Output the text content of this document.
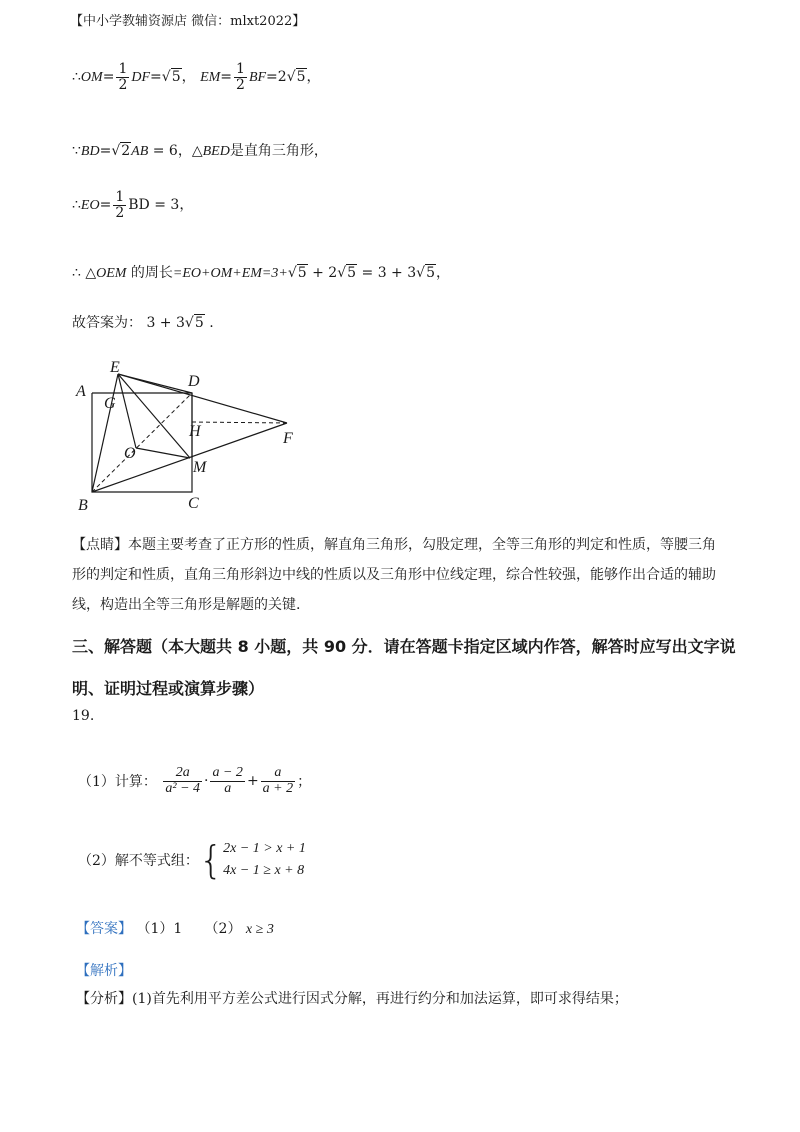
【中小学教辅资源店 微信：mlxt2022】
∴OM= $\frac{1}{2} DF=√5$， $EM= \frac{1}{2} BF=2√5$，
∵BD=√2AB = 6，△BED是直角三角形，
∴EO= $\frac{1}{2}$ BD = 3，
∴ △OEM 的周长=EO+OM+EM=3+√5 + 2√5 = 3 + 3√5，
故答案为： 3 + 3√5 .
E
D
A
G
H	F
O
M
B	C
【点睛】本题主要考查了正方形的性质，解直角三角形，勾股定理，全等三角形的判定和性质，等腰三角形的判定和性质，直角三角形斜边中线的性质以及三角形中位线定理，综合性较强，能够作出合适的辅助线，构造出全等三角形是解题的关键.
三、解答题（本大题共 8 小题，共 90 分．请在答题卡指定区域内作答，解答时应写出文字说
明、证明过程或演算步骤）
19.
（1）计算： $\frac{2a}{\text{a² − 4}} \cdot \frac{a - 2}{a} + \frac{a}{a + 2}$ ；
（2）解不等式组：{ 2x − 1 > x + 1
4x − 1 ≥ x + 8
【答案】 （1）1 （2） x ≥ 3
【解析】
【分析】(1)首先利用平方差公式进行因式分解，再进行约分和加法运算，即可求得结果；
